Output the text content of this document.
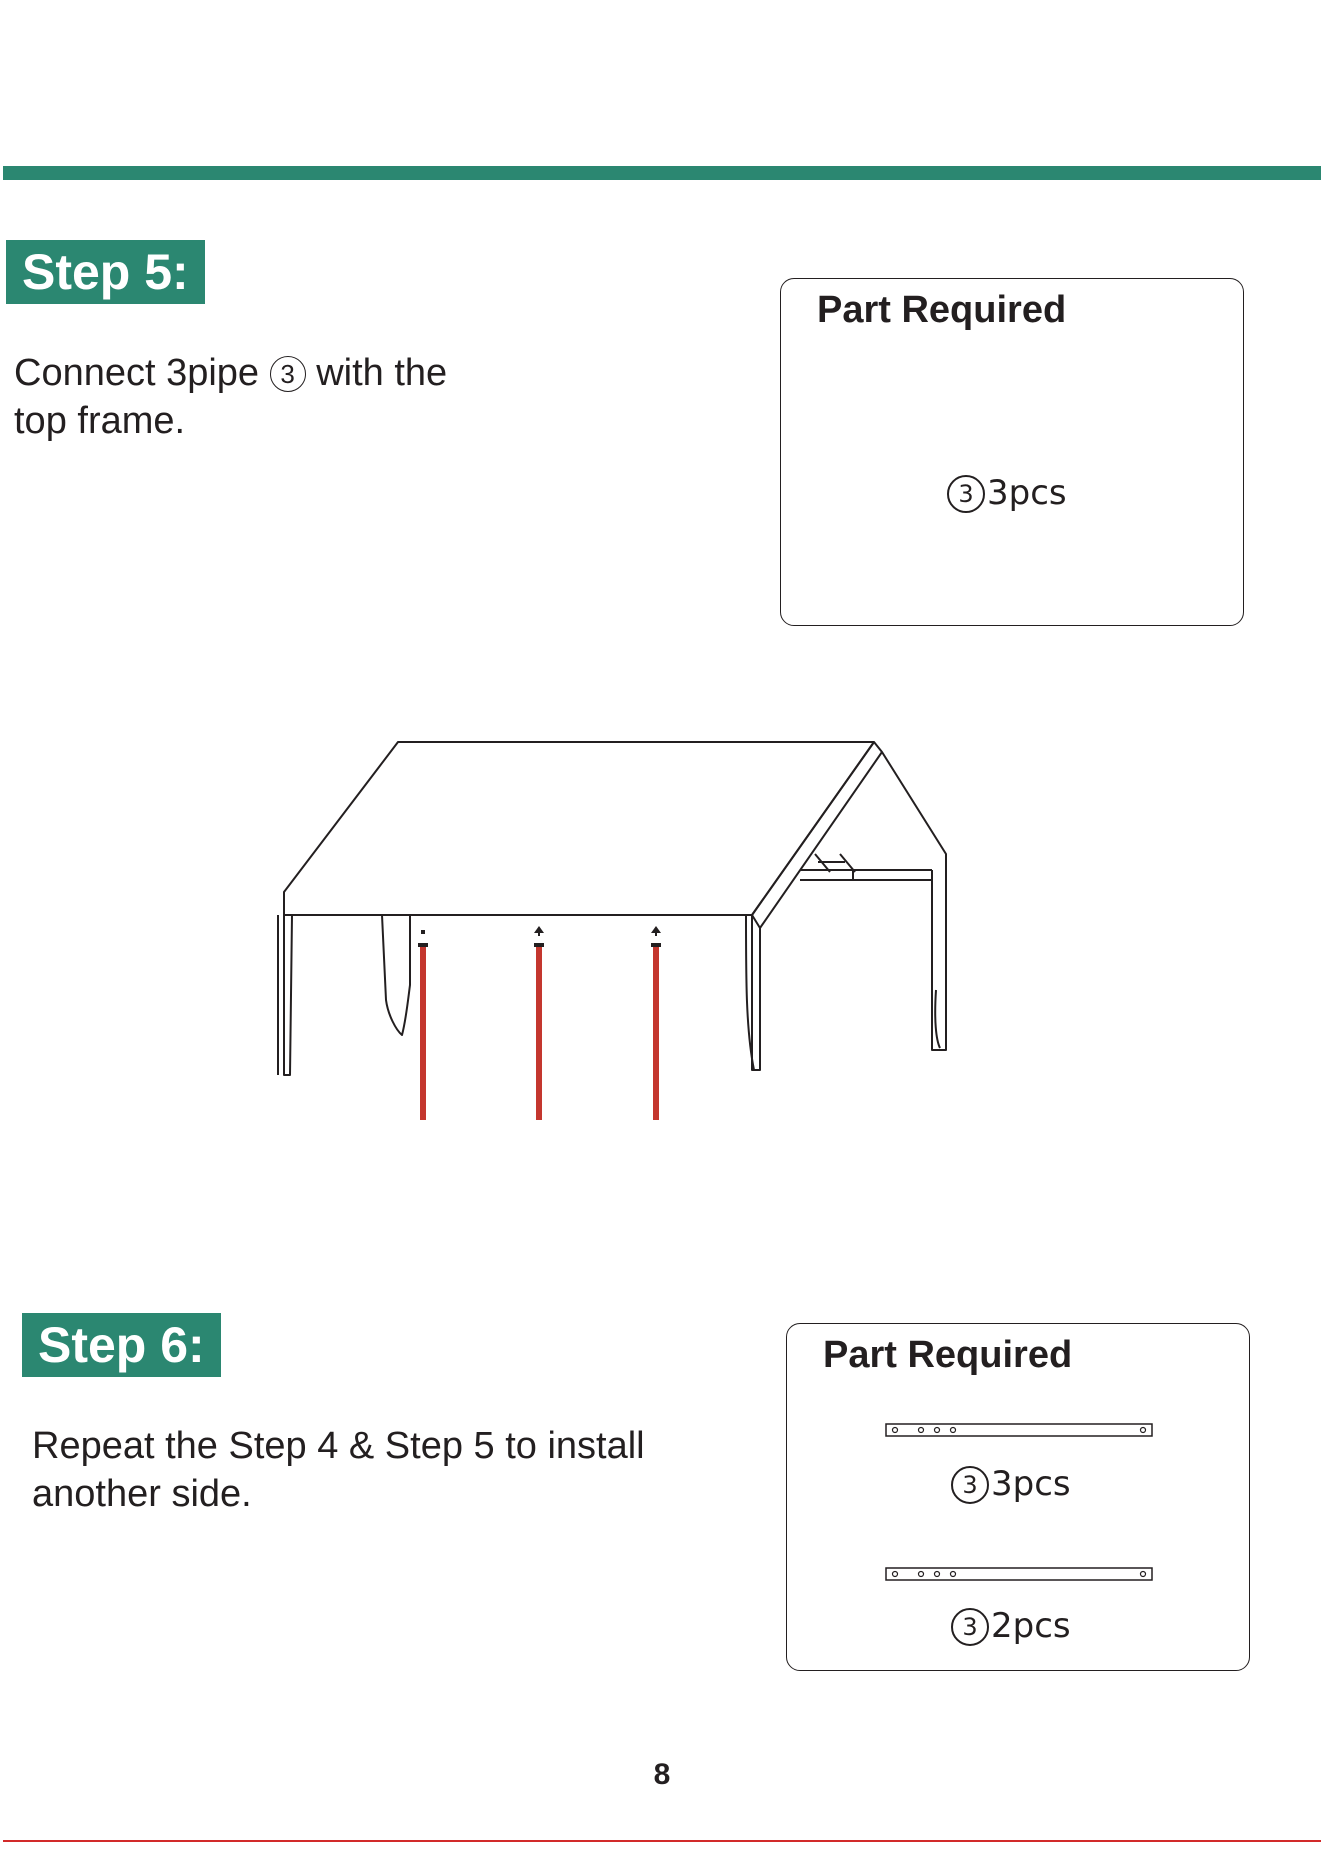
Step 5:
Connect 3pipe 3 with the
top frame.
Part Required
3 3pcs
Step 6:
Repeat the Step 4 & Step 5 to install
another side.
Part Required
3 3pcs
3 2pcs
8
